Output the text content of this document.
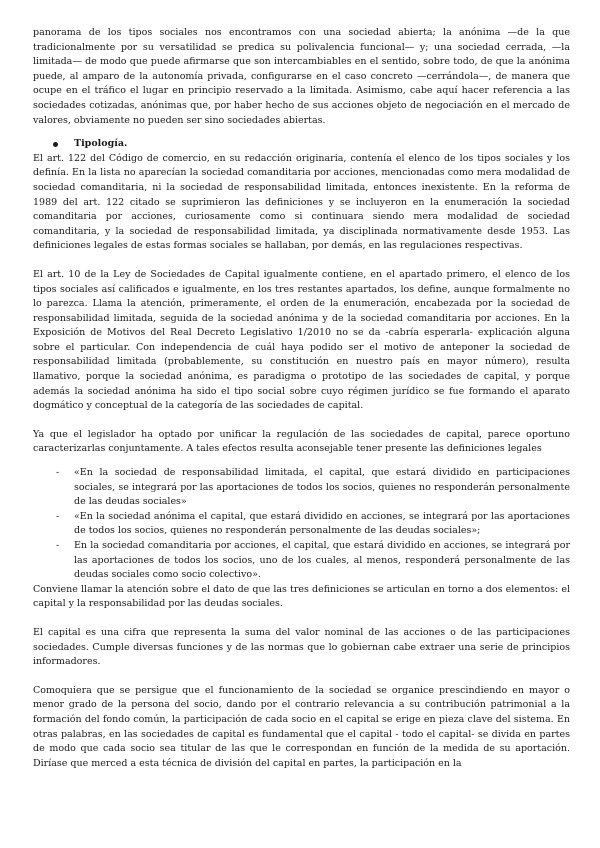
panorama de los tipos sociales nos encontramos con una sociedad abierta; la anónima —de la que tradicionalmente por su versatilidad se predica su polivalencia funcional— y; una sociedad cerrada, —la limitada— de modo que puede afirmarse que son intercambiables en el sentido, sobre todo, de que la anónima puede, al amparo de la autonomía privada, configurarse en el caso concreto —cerrándola—, de manera que ocupe en el tráfico el lugar en principio reservado a la limitada. Asimismo, cabe aquí hacer referencia a las sociedades cotizadas, anónimas que, por haber hecho de sus acciones objeto de negociación en el mercado de valores, obviamente no pueden ser sino sociedades abiertas.

Tipología.

El art. 122 del Código de comercio, en su redacción originaria, contenía el elenco de los tipos sociales y los definía. En la lista no aparecían la sociedad comanditaria por acciones, mencionadas como mera modalidad de sociedad comanditaria, ni la sociedad de responsabilidad limitada, entonces inexistente. En la reforma de 1989 del art. 122 citado se suprimieron las definiciones y se incluyeron en la enumeración la sociedad comanditaria por acciones, curiosamente como si continuara siendo mera modalidad de sociedad comanditaria, y la sociedad de responsabilidad limitada, ya disciplinada normativamente desde 1953. Las definiciones legales de estas formas sociales se hallaban, por demás, en las regulaciones respectivas.

El art. 10 de la Ley de Sociedades de Capital igualmente contiene, en el apartado primero, el elenco de los tipos sociales así calificados e igualmente, en los tres restantes apartados, los define, aunque formalmente no lo parezca. Llama la atención, primeramente, el orden de la enumeración, encabezada por la sociedad de responsabilidad limitada, seguida de la sociedad anónima y de la sociedad comanditaria por acciones. En la Exposición de Motivos del Real Decreto Legislativo 1/2010 no se da -cabría esperarla- explicación alguna sobre el particular. Con independencia de cuál haya podido ser el motivo de anteponer la sociedad de responsabilidad limitada (probablemente, su constitución en nuestro país en mayor número), resulta llamativo, porque la sociedad anónima, es paradigma o prototipo de las sociedades de capital, y porque además la sociedad anónima ha sido el tipo social sobre cuyo régimen jurídico se fue formando el aparato dogmático y conceptual de la categoría de las sociedades de capital.

Ya que el legislador ha optado por unificar la regulación de las sociedades de capital, parece oportuno caracterizarlas conjuntamente. A tales efectos resulta aconsejable tener presente las definiciones legales

-	«En la sociedad de responsabilidad limitada, el capital, que estará dividido en participaciones sociales, se integrará por las aportaciones de todos los socios, quienes no responderán personalmente de las deudas sociales»
-	«En la sociedad anónima el capital, que estará dividido en acciones, se integrará por las aportaciones de todos los socios, quienes no responderán personalmente de las deudas sociales»;
-	En la sociedad comanditaria por acciones, el capital, que estará dividido en acciones, se integrará por las aportaciones de todos los socios, uno de los cuales, al menos, responderá personalmente de las deudas sociales como socio colectivo».

Conviene llamar la atención sobre el dato de que las tres definiciones se articulan en torno a dos elementos: el capital y la responsabilidad por las deudas sociales.

El capital es una cifra que representa la suma del valor nominal de las acciones o de las participaciones sociedades. Cumple diversas funciones y de las normas que lo gobiernan cabe extraer una serie de principios informadores.

Comoquiera que se persigue que el funcionamiento de la sociedad se organice prescindiendo en mayor o menor grado de la persona del socio, dando por el contrario relevancia a su contribución patrimonial a la formación del fondo común, la participación de cada socio en el capital se erige en pieza clave del sistema. En otras palabras, en las sociedades de capital es fundamental que el capital - todo el capital- se divida en partes de modo que cada socio sea titular de las que le correspondan en función de la medida de su aportación. Diríase que merced a esta técnica de división del capital en partes, la participación en la
